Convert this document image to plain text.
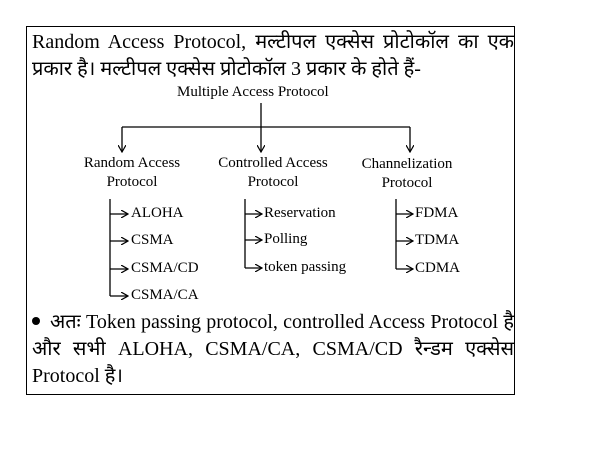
Random Access Protocol, मल्टीपल एक्सेस प्रोटोकॉल का एक प्रकार है। मल्टीपल एक्सेस प्रोटोकॉल 3 प्रकार के होते हैं-

Multiple Access Protocol
Random Access
Protocol
Controlled Access
Protocol
Channelization
Protocol
ALOHA
CSMA
CSMA/CD
CSMA/CA
Reservation
Polling
token passing
FDMA
TDMA
CDMA

अतः Token passing protocol, controlled Access Protocol है और सभी ALOHA, CSMA/CA, CSMA/CD रैन्डम एक्सेस Protocol है।
